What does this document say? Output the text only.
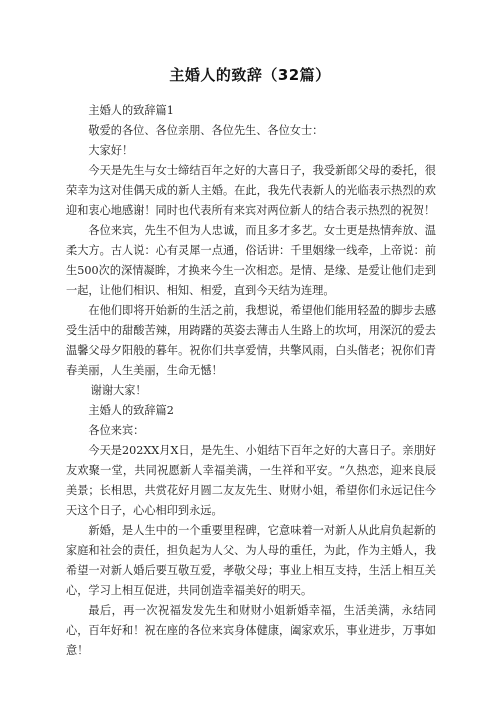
主婚人的致辞（32篇）

主婚人的致辞篇1

敬爱的各位、各位亲朋、各位先生、各位女士：

大家好！

今天是先生与女士缔结百年之好的大喜日子，我受新郎父母的委托，很荣幸为这对佳偶天成的新人主婚。在此，我先代表新人的光临表示热烈的欢迎和衷心地感谢！同时也代表所有来宾对两位新人的结合表示热烈的祝贺！

各位来宾，先生不但为人忠诚，而且多才多艺。女士更是热情奔放、温柔大方。古人说：心有灵犀一点通，俗话讲：千里姻缘一线牵，上帝说：前生500次的深情凝眸，才换来今生一次相恋。是情、是缘、是爱让他们走到一起，让他们相识、相知、相爱，直到今天结为连理。

在他们即将开始新的生活之前，我想说，希望他们能用轻盈的脚步去感受生活中的甜酸苦辣，用踌躇的英姿去薄击人生路上的坎坷，用深沉的爱去温馨父母夕阳般的暮年。祝你们共享爱情，共擎风雨，白头偕老；祝你们青春美丽，人生美丽，生命无憾！

谢谢大家！

主婚人的致辞篇2

各位来宾：

今天是202XX月X日，是先生、小姐结下百年之好的大喜日子。亲朋好友欢聚一堂，共同祝愿新人幸福美满，一生祥和平安。“久热恋，迎来良辰美景；长相思，共赏花好月圆二友友先生、财财小姐，希望你们永远记住今天这个日子，心心相印到永远。

新婚，是人生中的一个重要里程碑，它意味着一对新人从此肩负起新的家庭和社会的责任，担负起为人父、为人母的重任，为此，作为主婚人，我希望一对新人婚后要互敬互爱，孝敬父母；事业上相互支持，生活上相互关心，学习上相互促进，共同创造幸福美好的明天。

最后，再一次祝福发发先生和财财小姐新婚幸福，生活美满，永结同心，百年好和！祝在座的各位来宾身体健康，阖家欢乐，事业进步，万事如意！
